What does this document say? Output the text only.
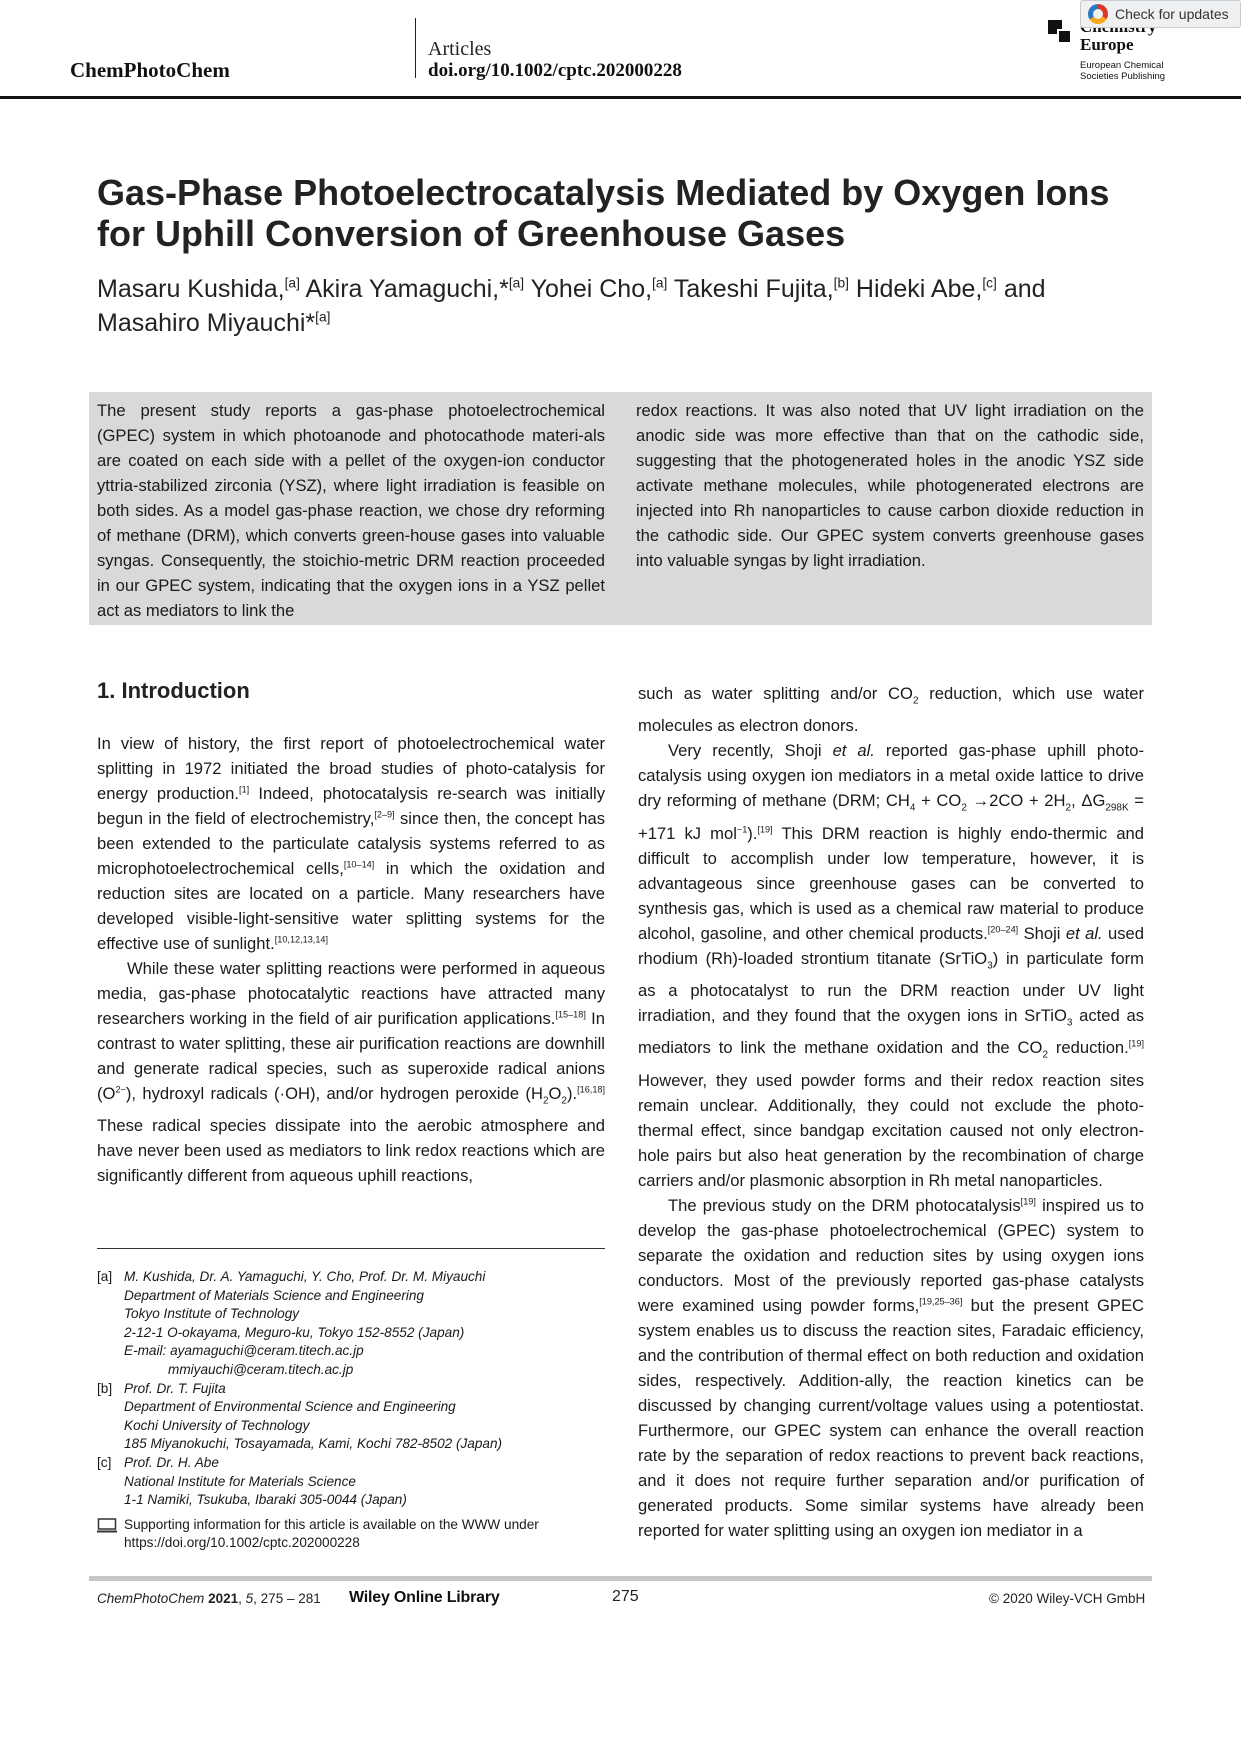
ChemPhotoChem
Articles
doi.org/10.1002/cptc.202000228
Europe
European Chemical
Societies Publishing
Check for updates
Gas-Phase Photoelectrocatalysis Mediated by Oxygen Ions
for Uphill Conversion of Greenhouse Gases
Masaru Kushida,[a] Akira Yamaguchi,*[a] Yohei Cho,[a] Takeshi Fujita,[b] Hideki Abe,[c] and
Masahiro Miyauchi*[a]
The present study reports a gas-phase photoelectrochemical (GPEC) system in which photoanode and photocathode materi-als are coated on each side with a pellet of the oxygen-ion conductor yttria-stabilized zirconia (YSZ), where light irradiation is feasible on both sides. As a model gas-phase reaction, we chose dry reforming of methane (DRM), which converts green-house gases into valuable syngas. Consequently, the stoichio-metric DRM reaction proceeded in our GPEC system, indicating that the oxygen ions in a YSZ pellet act as mediators to link the
redox reactions. It was also noted that UV light irradiation on the anodic side was more effective than that on the cathodic side, suggesting that the photogenerated holes in the anodic YSZ side activate methane molecules, while photogenerated electrons are injected into Rh nanoparticles to cause carbon dioxide reduction in the cathodic side. Our GPEC system converts greenhouse gases into valuable syngas by light irradiation.
1. Introduction

In view of history, the first report of photoelectrochemical water splitting in 1972 initiated the broad studies of photo-catalysis for energy production.[1] Indeed, photocatalysis re-search was initially begun in the field of electrochemistry,[2–9] since then, the concept has been extended to the particulate catalysis systems referred to as microphotoelectrochemical cells,[10–14] in which the oxidation and reduction sites are located on a particle. Many researchers have developed visible-light-sensitive water splitting systems for the effective use of sunlight.[10,12,13,14]

While these water splitting reactions were performed in aqueous media, gas-phase photocatalytic reactions have attracted many researchers working in the field of air purification applications.[15–18] In contrast to water splitting, these air purification reactions are downhill and generate radical species, such as superoxide radical anions $(O^{2-})$, hydroxyl radicals (·OH), and/or hydrogen peroxide $(H_2O_2).[16,18]$ These radical species dissipate into the aerobic atmosphere and have never been used as mediators to link redox reactions which are significantly different from aqueous uphill reactions,

such as water splitting and/or $CO_2$ reduction, which use water molecules as electron donors.

Very recently, Shoji et al. reported gas-phase uphill photo-catalysis using oxygen ion mediators in a metal oxide lattice to drive dry reforming of methane (DRM; $CH_4 + CO_2 \to 2CO + 2H_2$, $\Delta G_{298K} = +171$ kJ mol$^{-1}$).[19] This DRM reaction is highly endo-thermic and difficult to accomplish under low temperature, however, it is advantageous since greenhouse gases can be converted to synthesis gas, which is used as a chemical raw material to produce alcohol, gasoline, and other chemical products.[20–24] Shoji et al. used rhodium (Rh)-loaded strontium titanate (SrTiO$_3$) in particulate form as a photocatalyst to run the DRM reaction under UV light irradiation, and they found that the oxygen ions in SrTiO$_3$ acted as mediators to link the methane oxidation and the $CO_2$ reduction.[19] However, they used powder forms and their redox reaction sites remain unclear. Additionally, they could not exclude the photo-thermal effect, since bandgap excitation caused not only electron-hole pairs but also heat generation by the recombination of charge carriers and/or plasmonic absorption in Rh metal nanoparticles.

The previous study on the DRM photocatalysis[19] inspired us to develop the gas-phase photoelectrochemical (GPEC) system to separate the oxidation and reduction sites by using oxygen ions conductors. Most of the previously reported gas-phase catalysts were examined using powder forms,[19,25–36] but the present GPEC system enables us to discuss the reaction sites, Faradaic efficiency, and the contribution of thermal effect on both reduction and oxidation sides, respectively. Addition-ally, the reaction kinetics can be discussed by changing current/voltage values using a potentiostat. Furthermore, our GPEC system can enhance the overall reaction rate by the separation of redox reactions to prevent back reactions, and it does not require further separation and/or purification of generated products. Some similar systems have already been reported for water splitting using an oxygen ion mediator in a

[a] M. Kushida, Dr. A. Yamaguchi, Y. Cho, Prof. Dr. M. Miyauchi
Department of Materials Science and Engineering
Tokyo Institute of Technology
2-12-1 O-okayama, Meguro-ku, Tokyo 152-8552 (Japan)
E-mail: ayamaguchi@ceram.titech.ac.jp
mmiyauchi@ceram.titech.ac.jp
[b] Prof. Dr. T. Fujita
Department of Environmental Science and Engineering
Kochi University of Technology
185 Miyanokuchi, Tosayamada, Kami, Kochi 782-8502 (Japan)
[c] Prof. Dr. H. Abe
National Institute for Materials Science
1-1 Namiki, Tsukuba, Ibaraki 305-0044 (Japan)
Supporting information for this article is available on the WWW under
https://doi.org/10.1002/cptc.202000228
ChemPhotoChem 2021, 5, 275 – 281 Wiley Online Library	275	© 2020 Wiley-VCH GmbH
